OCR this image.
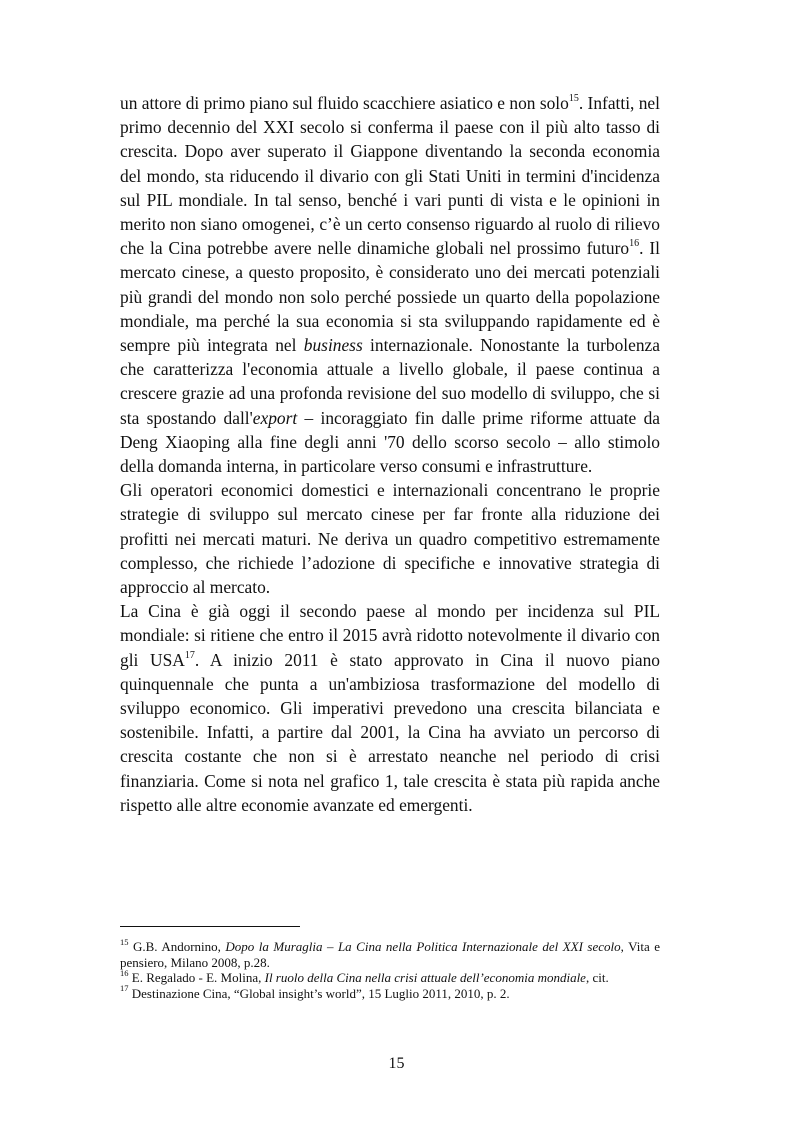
un attore di primo piano sul fluido scacchiere asiatico e non solo$^{15}$. Infatti, nel primo decennio del XXI secolo si conferma il paese con il più alto tasso di crescita. Dopo aver superato il Giappone diventando la seconda economia del mondo, sta riducendo il divario con gli Stati Uniti in termini d'incidenza sul PIL mondiale. In tal senso, benché i vari punti di vista e le opinioni in merito non siano omogenei, c’è un certo consenso riguardo al ruolo di rilievo che la Cina potrebbe avere nelle dinamiche globali nel prossimo futuro$^{16}$. Il mercato cinese, a questo proposito, è considerato uno dei mercati potenziali più grandi del mondo non solo perché possiede un quarto della popolazione mondiale, ma perché la sua economia si sta sviluppando rapidamente ed è sempre più integrata nel business internazionale. Nonostante la turbolenza che caratterizza l'economia attuale a livello globale, il paese continua a crescere grazie ad una profonda revisione del suo modello di sviluppo, che si sta spostando dall'export – incoraggiato fin dalle prime riforme attuate da Deng Xiaoping alla fine degli anni '70 dello scorso secolo – allo stimolo della domanda interna, in particolare verso consumi e infrastrutture.

Gli operatori economici domestici e internazionali concentrano le proprie strategie di sviluppo sul mercato cinese per far fronte alla riduzione dei profitti nei mercati maturi. Ne deriva un quadro competitivo estremamente complesso, che richiede l’adozione di specifiche e innovative strategia di approccio al mercato.

La Cina è già oggi il secondo paese al mondo per incidenza sul PIL mondiale: si ritiene che entro il 2015 avrà ridotto notevolmente il divario con gli USA$^{17}$. A inizio 2011 è stato approvato in Cina il nuovo piano quinquennale che punta a un'ambiziosa trasformazione del modello di sviluppo economico. Gli imperativi prevedono una crescita bilanciata e sostenibile. Infatti, a partire dal 2001, la Cina ha avviato un percorso di crescita costante che non si è arrestato neanche nel periodo di crisi finanziaria. Come si nota nel grafico 1, tale crescita è stata più rapida anche rispetto alle altre economie avanzate ed emergenti.

$^{15}$ G.B. Andornino, Dopo la Muraglia – La Cina nella Politica Internazionale del XXI secolo, Vita e pensiero, Milano 2008, p.28.

$^{16}$ E. Regalado - E. Molina, Il ruolo della Cina nella crisi attuale dell’economia mondiale, cit.

$^{17}$ Destinazione Cina, “Global insight’s world”, 15 Luglio 2011, 2010, p. 2.

15
